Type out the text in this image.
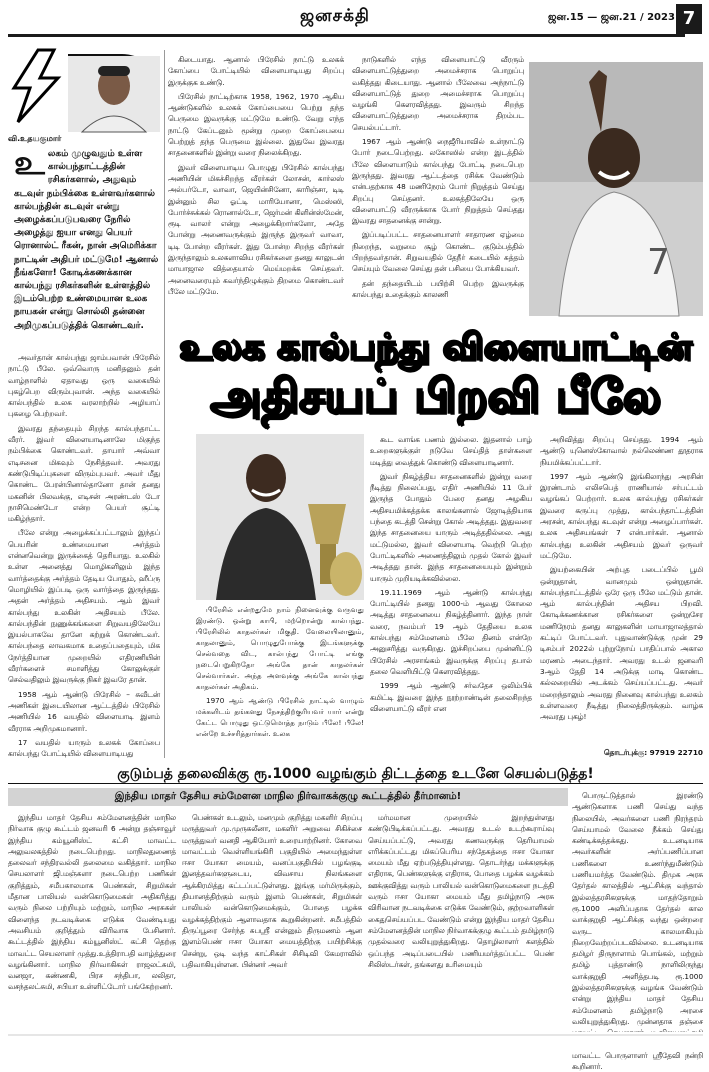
ஜனசக்தி	ஜன.15 — ஜன.21 / 2023 7
வி.உதயகுமார்
உ லகம் முழுவதும் உள்ள கால்பந்தாட்டத்தின் ரசிகர்களால், அதுவும் கடவுள் நம்பிக்கை உள்ளவர்களால் கால்பந்தின் கடவுள் என்று அழைக்கப்படுபவரை நேரில் அழைத்து ஐயா எனது பெயர் ரொனால்ட் ரீகன், நான் அமெரிக்கா நாட்டின் அதிபர் மட்டுமே! ஆனால் நீங்களோ! கோடிக்கணக்கான கால்பந்து ரசிகர்களின் உள்ளத்தில் இடம்பெற்ற உண்மையான உலக நாயகன் என்று சொல்லி தன்னை அறிமுகப்படுத்திக் கொண்டவர்.

அவர்தான் கால்பந்து ஜாம்பவான் பிரேசில் நாட்டு பீலே. ஒவ்வொரு மனிதனும் தன் வாழ்நாளில் ஏதாவது ஒரு வகையில் புகழ்பெற விரும்புவான். அந்த வகையில் கால்பந்தில் உலக வரலாற்றில் அழியாப் புகழை பெற்றவர்.

இவரது தந்தையும் சிறந்த கால்பந்தாட்ட வீரர். இவர் விளையாடினாலே மிகுந்த நம்பிக்கை கொண்டவர். தாயார் அவ்வா எடிசனை மிகவும் நேசித்தவர். அவரது கண்டுபிடிப்புகளை விரும்புபவர். அவர் மீது கொண்ட பேரன்பினால்தானோ தான் தனது மகனின் பிலவக்கு, எடிசன் அரண்டஸ் டோ நாசிமெண்டோ என்ற பெயர் சூட்டி மகிழ்ந்தார்.

பீலே என்று அழைக்கப்பட்டாலும் இந்தப் பெயரின் உண்மையான அர்த்தம் என்னவென்று இருக்கைத் தெரியாது. உலகில் உள்ள அனைத்து மொழிகளிலும் இந்த வார்த்தைக்கு அர்த்தம் தேடிய போதும், ஹீப்ரு மொழியில் இப்படி ஒரு வார்த்தை இருந்தது. அதன் அர்த்தம் அதிசயம். ஆம் இவர் கால்பந்து உலகின் அதிசயம் பீலே. கால்பந்தின் நுணுக்கங்களை சிறுவயதிலேயே இயல்பாகவே தானே கற்றுக் கொண்டவர். கால்பந்தை லாவகமாக உதைப்பதையும், மிக நேர்த்தியான முறையில் எதிரணியின் வீரர்களைச் சமாளித்து கோலுக்குள் செல்வதிலும் இவருக்கு நிகர் இவரே தான்.

1958 ஆம் ஆண்டு பிரேசில் – சுவீடன் அணிகள் இடையிலான ஆட்டத்தில் பிரேசில் அணியில் 16 வயதில் விளையாடி இளம் வீரராக அறிமுகமானார்.

17 வயதில் யாரும் உலகக் கோப்பை கால்பந்து போட்டியில் விளையாடியது

கிடையாது. ஆனால் பிரேசில் நாட்டு உலகக் கோப்பை போட்டியில் விளையாடியது சிறப்பு இருக்குக உண்டு.

பிரேசில் நாட்டிற்காக 1958, 1962, 1970 ஆகிய ஆண்டுகளில் உலகக் கோப்பையை பெற்று தந்த பெருமை இவருக்கு மட்டுமே உண்டு. வேறு எந்த நாட்டு கேப்டனும் மூன்று முறை கோப்பையை பெற்றுத் தந்த பெருமை இல்லை. இதுவே இவரது சாதனைகளில் இன்று வரை நிலைக்கிறது.

இவர் விளையாடிய பொழுது பிரேசில் கால்பந்து அணியின் மிகச்சிறந்த வீரர்கள் லோசன், கார்லஸ் அல்பர்டோ, வாவா, ஜெயின்சினோ, காரிஞ்சா, டிடி இன்னும் சில ஓட்டி மாரியோனா, மெஸ்ஸி, போர்ச்சுக்கல் ரொனால்டோ, ஜெர்மன் கிளின்ஸ்மேன், ரூடி வாலர் என்று அழைக்கிறார்களோ, அதே போன்று அணைவருக்கும் இருந்த இருவர் வாவா, டிடி போன்ற வீரர்கள். இது போன்ற சிறந்த வீரர்கள் இருந்தாலும் உலகளாவிய ரசிகர்களை தனது காலுடன் மாயாஜால வித்தையால் மெய்மறக்க செய்தவர். அனைவரையும் கவர்ந்திழுக்கும் திறமை கொண்டவர் பீலே மட்டுமே.

நாடுகளில் எந்த விளையாட்டு வீரரும் விளையாட்டுத்துறை அமைச்சராக பொறுப்பு வகித்தது கிடையாது. ஆனால் பீலேவை அந்நாட்டு விளையாட்டுத் துறை அமைச்சராக பொறுப்பு வழங்கி கௌரவித்தது. இவரும் சிறந்த விளையாட்டுத்துறை அமைச்சராக திறம்பட செயல்பட்டார்.

1967 ஆம் ஆண்டு நைஜீரியாவில் உள்நாட்டு போர் நடைபெற்றது. லகோஸில் என்ற இடத்தில் பீலே விளையாடும் கால்பந்து போட்டி நடைபெற இருந்தது. இவரது ஆட்டத்தை ரசிக்க வேண்டும் என்பதற்காக 48 மணிநேரம் போர் நிறுத்தம் செய்து சிறப்பு செய்தனர். உலகத்திலேயே ஒரு விளையாட்டு வீரருக்காக போர் நிறுத்தம் செய்தது இவரது சாதனைக்கு சான்று.

இப்படிப்பட்ட சாதனையாளர் சாதாரண ஏழ்மை நிறைந்த, வறுமை சூழ் கொண்ட குடும்பத்தில் பிறந்தவர்தான். சிறுவயதில் தேநீர் கடையில் சுத்தம் செய்யும் வேலை செய்து தன் பசியை போக்கியவர்.

தன் தந்தையிடம் பயிற்சி பெற்ற இவருக்கு கால்பந்து உதைக்கும் காலணி

7
உலக கால்பந்து விளையாட்டின்
அதிசயப் பிறவி பீலே

பிரேசில் என்றதுமே நாம் நினைவுக்கு வருவது இரண்டு. ஒன்று காபி, மற்றொன்று கால்பந்து. பிரேசிலில் காதலர்கள் மிகுதி. வேலையிலானும், காதலானும், பொழுதுபோக்கு இடங்களுக்கு செல்வதை விட, கால்பந்து போட்டி எங்கு நடைபெறுகிறதோ அங்கே தான் காதலர்கள் செல்வார்கள். அந்த அளவுக்கு அங்கே கால்பந்து காதலர்கள் அதிகம்.

1970 ஆம் ஆண்டு பிரேசில் நாட்டில் வாழும் மக்களிடம் தங்களது நேசத்திற்குரியவர் யார் என்று கேட்ட பொழுது ஒட்டுமொத்த நாடும் பீலே! பீலே! என்றே உச்சரித்தார்கள். உலக

கூட வாங்க பணம் இல்லை. இதனால் பாழ் உறைகளுக்குள் நடுவே செய்தித் தாள்களை மடித்து வைத்துக் கொண்டு விளையாடினார்.

இவர் நிகழ்த்திய சாதனைகளில் இன்று வரை நீடித்து நிலைப்பது, எதிர் அணியில் 11 பேர் இருந்த போதும் பேரை தனது அழகிய அதிசயமிக்கத்தக்க காலங்களால் ஜோடித்தியாக பந்தை கடத்தி சென்று கோல் அடித்தது. இதுவரை இந்த சாதனையை யாரும் அடித்ததில்லை. அது மட்டுமல்ல, இவர் விளையாடி வெற்றி பெற்ற போட்டிகளில் அணைத்திலும் முதல் கோல் இவர் அடித்தது தான். இந்த சாதனையையும் இன்றும் யாரும் முறியடிக்கவில்லை.

19.11.1969 ஆம் ஆண்டு கால்பந்து போட்டியில் தனது 1000-ம் ஆவது கோலை அடித்து சாதனையை நிகழ்த்தினார். இந்த நாள் வரை, நவம்பர் 19 ஆம் தேதியை உலக கால்பந்து சம்மேளனம் பீலே தினம் என்றே அனுசரித்து வருகிறது. இச்சிறப்பை முன்னிட்டு பிரேசில் அரசாங்கம் இவருக்கு சிறப்பு தபால் தலை வெளியிட்டு கௌரவித்தது.

1999 ஆம் ஆண்டு சர்வதேச ஒலிம்பிக் கமிட்டி இவரை இந்த நூற்றாண்டின் தலைசிறந்த விளையாட்டு வீரர் என

அறிவித்து சிறப்பு செய்தது. 1994 ஆம் ஆண்டு யுனெஸ்கோவால் நல்லெண்ண தூதராக நியமிக்கப்பட்டார்.

1997 ஆம் ஆண்டு இங்கிலாந்து அரசின் இரண்டாம் எலிசபெத் ராணியால் சர்பட்டம் வழங்கப் பெற்றார். உலக கால்பந்து ரசிகர்கள் இவரை கருப்பு முத்து, கால்பந்தாட்டத்தின் அரசன், கால்பந்து கடவுள் என்று அழைப்பார்கள். உலக அதிசயங்கள் 7 என்பார்கள். ஆனால் கால்பந்து உலகின் அதிசயம் இவர் ஒருவர் மட்டுமே.

இயற்கையின் அற்புத படைப்பில் பூமி ஒன்றுதான், வானமும் ஒன்றுதான். கால்பந்தாட்டத்தில் ஒரே ஒரு பீலே மட்டும் தான். ஆம் கால்பந்தின் அதிசய பிறவி. கோடிக்கணக்கான ரசிகர்களை ஒன்றுசேர மணிநேரம் தனது காலுகளின் மாயாஜாலத்தால் கட்டிப் போட்டவர். புதுவாண்டுக்கு முன் 29 டிசம்பர் 2022ல் புற்றுநோய் பாதிப்பால் அகால மரணம் அடைந்தார். அவரது உடல் ஜனவரி 3ஆம் தேதி 14 அடுக்கு மாடி கொண்ட கல்லறையில் அடக்கம் செய்யப்பட்டது. அவர் மறைந்தாலும் அவரது நினைவு கால்பந்து உலகம் உள்ளவரை நீடித்து நிலைத்திருக்கும். வாழ்க அவரது புகழ்!

தொடர்புக்கு: 97919 22710
குடும்பத் தலைவிக்கு ரூ.1000 வழங்கும் திட்டத்தை உடனே செயல்படுத்த!
இந்திய மாதர் தேசிய சம்மேளன மாநில நிர்வாகக்குழு கூட்டத்தில் தீர்மானம்!

இந்திய மாதர் தேசிய சம்மேளனத்தின் மாநில நிர்வாக குழு கூட்டம் ஜனவரி 6 அன்று தஞ்சாவூர் இந்திய கம்யூனிஸ்ட் கட்சி மாவட்ட அலுவலகத்தில் நடைபெற்றது. மாநிலதுணைத் தலைவர் சந்திரவல்லி தலைமை வகித்தார். மாநில செயலாளர் ஜி.மஞ்சுளா நடைபெற்ற பணிகள் குறித்தும், சமீபகாலமாக பெண்கள், சிறுமிகள் மீதான பாலியல் வன்கொடுமைகள் அதிகரித்து வரும் நிலை பற்றியும் மற்றும், மாநில அரசுகள் விளைந்த நடவடிக்கை எடுக்க வேண்டியது அவசியம் குறித்தும் விரிவாக பேசினார். கூட்டத்தில் இந்திய கம்யூனிஸ்ட் கட்சி தெற்கு மாவட்ட செயலாளர் முத்து.உத்திராபதி வாழ்த்துரை வழங்கினார். மாநில நிர்வாகிகள் ராஜலட்சுமி, வனஜா, கண்ணகி, பிரச சந்திபா, லலிதா, வசந்தலட்சுமி, சபியா உள்ளிட்டோர் பங்கேற்றனர்.

பெண்கள் உடலும், மனமும் குறித்து மகளிர் சிறப்பு மருத்துவர் மு.முருகலீனா, மகளிர் அறுவை சிகிச்சை மருத்துவர் வனதி ஆகியோர் உரையாற்றினர். கோவை மாவட்டம் வெள்ளியங்கிரி பகுதியில் அமைந்துள்ள ஈசா யோகா மையம், வனப்பகுதியில் பழங்குடி இனத்தவர்களுடைய, விவசாய நிலங்களை ஆக்கிரமித்து கட்டப்பட்டுள்ளது. இங்கு மர்மிருக்கும், தியானத்திற்கும் வரும் இளம் பெண்கள், சிறுமிகள் பாலியல் வன்கொடுமைக்கும், போதை பழக்க வழக்கத்திற்கும் ஆளாவதாக கூறுகின்றனர். சமீபத்தில் திருப்பூரை சேர்ந்த சுபஸ்ரீ என்னும் திருமணம் ஆன இளம்பெண் ஈசா யோகா மையத்திற்கு பயிற்சிக்கு சென்று, ஒடி வந்த காட்சிகள் சிசிடிவி கேமராவில் பதிவாகியுள்ளன. பின்னர் அவர்

மர்மமான முறையில் இறந்துள்ளது கண்டுபிடிக்கப்பட்டது. அவரது உடல் உடற்கூராய்வு செய்யப்பட்டு, அவரது கணவருக்கு தெரியாமல் எரிக்கப்பட்டது மிகப்பெரிய சந்தேகத்தை ஈசா யோகா மையம் மீது ஏற்படுத்தியுள்ளது. தொடர்ந்து மக்களுக்கு எதிராக, பெண்களுக்கு எதிராக, போதை பழக்க வழக்கம் ஊக்குவித்து வரும் பாலியல் வன்கொடுமைகளை நடத்தி வரும் ஈசா யோகா மையம் மீது தமிழ்நாடு அரசு விரிவான நடவடிக்கை எடுக்க வேண்டும், குற்றவாளிகள் கைதுசெய்யப்பட வேண்டும் என்று இந்திய மாதர் தேசிய சம்மேளனத்தின் மாநில நிர்வாகக்குழு கூட்டம் தமிழ்நாடு முதல்வரை வலியுறுத்துகிறது. தொழிலாளர் களத்தில் ஒப்பந்த அடிப்படையில் பணியமர்த்தப்பட்ட பெண் சிலிஸ்டர்கள், தங்களது உரிமையும்

பொருட்டுத்தால் இரண்டு ஆண்டுகளாக பணி செய்து வந்த நிலையில், அவர்களை பணி நிரந்தரம் செய்யாமல் வேலை நீக்கம் செய்து கண்டிக்கத்தக்கது. உடனடியாக அவர்களின் அர்ப்பணிப்பான பணிகளை உணர்ந்துமீண்டும் பணியமர்த்த வேண்டும். திமுக அரசு தேர்தல் காலத்தில் ஆட்சிக்கு வந்தால் இல்லத்தரசிகளுக்கு மாதந்தோறும் ரூ.1000 அளிப்பதாக தேர்தல் கால வாக்குறுதி ஆட்சிக்கு வந்து ஒன்றரை வருட காலமாகியும் நிறைவேற்றப்படவில்லை. உடனடியாக தமிழர் திருநாளாம் பொங்கல், மற்றும் தமிழ் புத்தாண்டு நாளிலிருந்து வாக்குறுதி அளித்தபடி ரூ.1000 இல்லத்தரசிகளுக்கு வழங்க வேண்டும் என்று இந்திய மாதர் தேசிய சம்மேளனம் தமிழ்நாடு அரசை வலியுறுத்துகிறது. முன்னதாக தஞ்சை மாவட்ட பொருளாளர் ஸ்ரீதேவி நன்றி கூறினார்.
